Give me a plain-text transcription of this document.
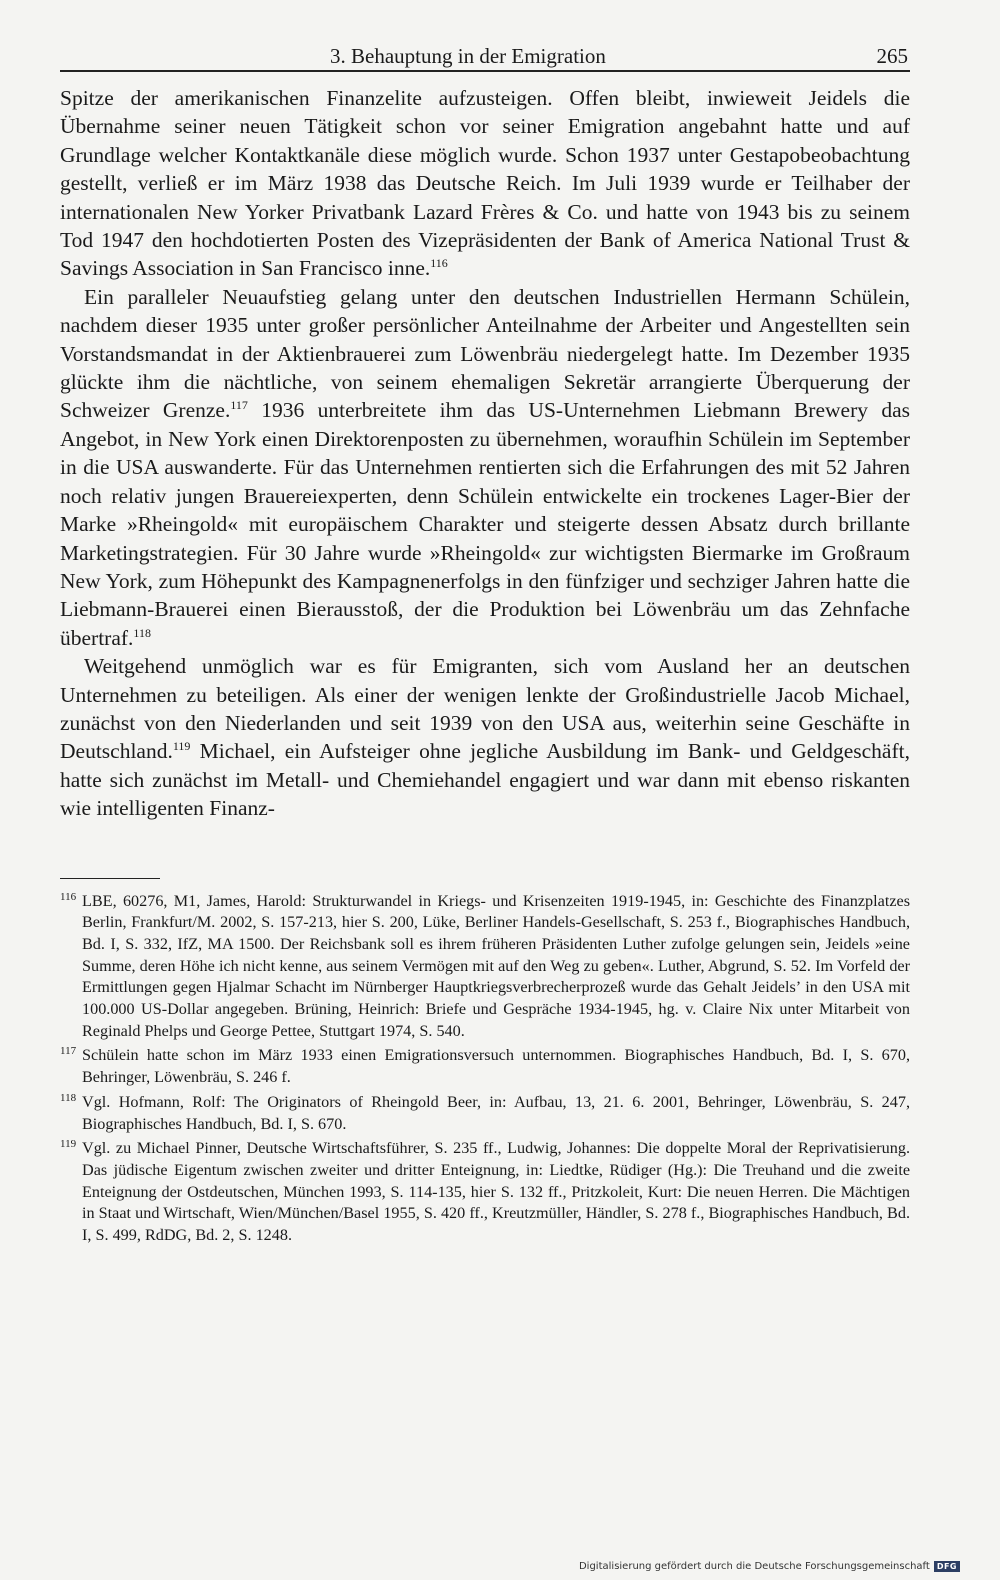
3. Behauptung in der Emigration	265

Spitze der amerikanischen Finanzelite aufzusteigen. Offen bleibt, inwieweit Jeidels die Übernahme seiner neuen Tätigkeit schon vor seiner Emigration angebahnt hatte und auf Grundlage welcher Kontaktkanäle diese möglich wurde. Schon 1937 unter Gestapobeobachtung gestellt, verließ er im März 1938 das Deutsche Reich. Im Juli 1939 wurde er Teilhaber der internationalen New Yorker Privatbank Lazard Frères & Co. und hatte von 1943 bis zu seinem Tod 1947 den hochdotierten Posten des Vizepräsidenten der Bank of America National Trust & Savings Association in San Francisco inne.$^{116}$

Ein paralleler Neuaufstieg gelang unter den deutschen Industriellen Hermann Schülein, nachdem dieser 1935 unter großer persönlicher Anteilnahme der Arbeiter und Angestellten sein Vorstandsmandat in der Aktienbrauerei zum Löwenbräu niedergelegt hatte. Im Dezember 1935 glückte ihm die nächtliche, von seinem ehemaligen Sekretär arrangierte Überquerung der Schweizer Grenze.$^{117}$ 1936 unterbreitete ihm das US-Unternehmen Liebmann Brewery das Angebot, in New York einen Direktorenposten zu übernehmen, woraufhin Schülein im September in die USA auswanderte. Für das Unternehmen rentierten sich die Erfahrungen des mit 52 Jahren noch relativ jungen Brauereiexperten, denn Schülein entwickelte ein trockenes Lager-Bier der Marke »Rheingold« mit europäischem Charakter und steigerte dessen Absatz durch brillante Marketingstrategien. Für 30 Jahre wurde »Rheingold« zur wichtigsten Biermarke im Großraum New York, zum Höhepunkt des Kampagnenerfolgs in den fünfziger und sechziger Jahren hatte die Liebmann-Brauerei einen Bierausstoß, der die Produktion bei Löwenbräu um das Zehnfache übertraf.$^{118}$

Weitgehend unmöglich war es für Emigranten, sich vom Ausland her an deutschen Unternehmen zu beteiligen. Als einer der wenigen lenkte der Großindustrielle Jacob Michael, zunächst von den Niederlanden und seit 1939 von den USA aus, weiterhin seine Geschäfte in Deutschland.$^{119}$ Michael, ein Aufsteiger ohne jegliche Ausbildung im Bank- und Geldgeschäft, hatte sich zunächst im Metall- und Chemiehandel engagiert und war dann mit ebenso riskanten wie intelligenten Finanz-

116 LBE, 60276, M1, James, Harold: Strukturwandel in Kriegs- und Krisenzeiten 1919-1945, in: Geschichte des Finanzplatzes Berlin, Frankfurt/M. 2002, S. 157-213, hier S. 200, Lüke, Berliner Handels-Gesellschaft, S. 253 f., Biographisches Handbuch, Bd. I, S. 332, IfZ, MA 1500. Der Reichsbank soll es ihrem früheren Präsidenten Luther zufolge gelungen sein, Jeidels »eine Summe, deren Höhe ich nicht kenne, aus seinem Vermögen mit auf den Weg zu geben«. Luther, Abgrund, S. 52. Im Vorfeld der Ermittlungen gegen Hjalmar Schacht im Nürnberger Hauptkriegsverbrecherprozeß wurde das Gehalt Jeidels’ in den USA mit 100.000 US-Dollar angegeben. Brüning, Heinrich: Briefe und Gespräche 1934-1945, hg. v. Claire Nix unter Mitarbeit von Reginald Phelps und George Pettee, Stuttgart 1974, S. 540.
117 Schülein hatte schon im März 1933 einen Emigrationsversuch unternommen. Biographisches Handbuch, Bd. I, S. 670, Behringer, Löwenbräu, S. 246 f.
118 Vgl. Hofmann, Rolf: The Originators of Rheingold Beer, in: Aufbau, 13, 21. 6. 2001, Behringer, Löwenbräu, S. 247, Biographisches Handbuch, Bd. I, S. 670.
119 Vgl. zu Michael Pinner, Deutsche Wirtschaftsführer, S. 235 ff., Ludwig, Johannes: Die doppelte Moral der Reprivatisierung. Das jüdische Eigentum zwischen zweiter und dritter Enteignung, in: Liedtke, Rüdiger (Hg.): Die Treuhand und die zweite Enteignung der Ostdeutschen, München 1993, S. 114-135, hier S. 132 ff., Pritzkoleit, Kurt: Die neuen Herren. Die Mächtigen in Staat und Wirtschaft, Wien/München/Basel 1955, S. 420 ff., Kreutzmüller, Händler, S. 278 f., Biographisches Handbuch, Bd. I, S. 499, RdDG, Bd. 2, S. 1248.
Digitalisierung gefördert durch die Deutsche Forschungsgemeinschaft DFG
